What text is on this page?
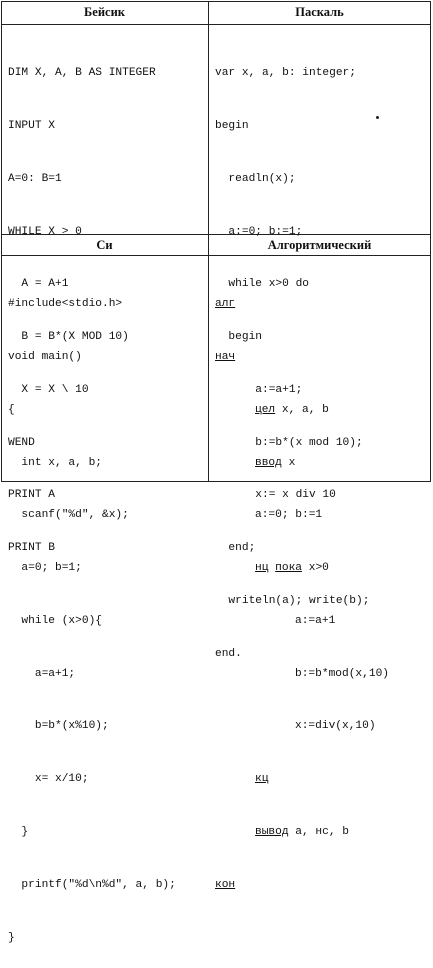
Бейсик	Паскаль
Си	Алгоритмический

DIM X, A, B AS INTEGER

INPUT X

A=0: B=1

WHILE X > 0

A = A+1

B = B*(X MOD 10)

X = X \ 10

WEND

PRINT A

PRINT B

var x, a, b: integer;

begin

readln(x);

a:=0; b:=1;

while x>0 do

begin

a:=a+1;

b:=b*(x mod 10);

x:= x div 10

end;

writeln(a); write(b);

end.

#include<stdio.h>

void main()

{

int x, a, b;

scanf("%d", &x);

a=0; b=1;

while (x>0){

a=a+1;

b=b*(x%10);

x= x/10;

}

printf("%d\n%d", a, b);

}

алг

нач

цел x, a, b

ввод x

a:=0; b:=1

нц пока x>0

a:=a+1

b:=b*mod(x,10)

x:=div(x,10)

кц

вывод a, нс, b

кон
